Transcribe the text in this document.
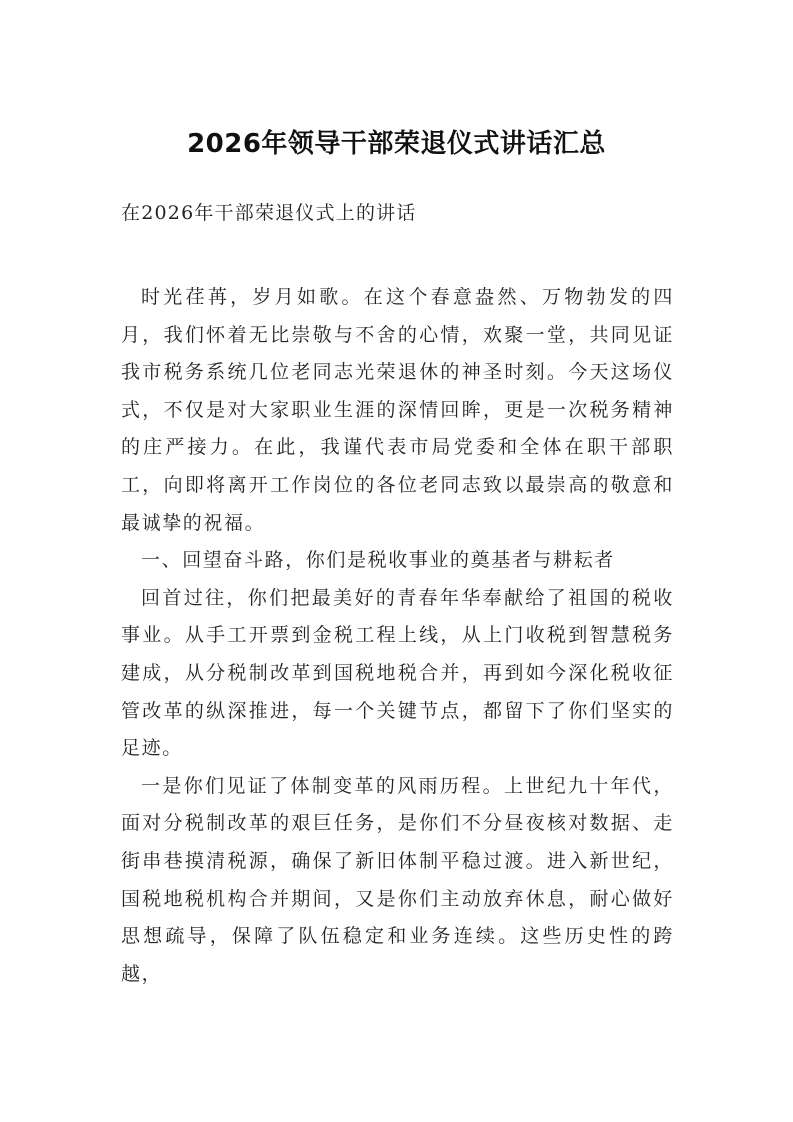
2026年领导干部荣退仪式讲话汇总
在2026年干部荣退仪式上的讲话

时光荏苒，岁月如歌。在这个春意盎然、万物勃发的四月，我们怀着无比崇敬与不舍的心情，欢聚一堂，共同见证我市税务系统几位老同志光荣退休的神圣时刻。今天这场仪式，不仅是对大家职业生涯的深情回眸，更是一次税务精神的庄严接力。在此，我谨代表市局党委和全体在职干部职工，向即将离开工作岗位的各位老同志致以最崇高的敬意和最诚挚的祝福。

一、回望奋斗路，你们是税收事业的奠基者与耕耘者

回首过往，你们把最美好的青春年华奉献给了祖国的税收事业。从手工开票到金税工程上线，从上门收税到智慧税务建成，从分税制改革到国税地税合并，再到如今深化税收征管改革的纵深推进，每一个关键节点，都留下了你们坚实的足迹。

一是你们见证了体制变革的风雨历程。上世纪九十年代，面对分税制改革的艰巨任务，是你们不分昼夜核对数据、走街串巷摸清税源，确保了新旧体制平稳过渡。进入新世纪，国税地税机构合并期间，又是你们主动放弃休息，耐心做好思想疏导，保障了队伍稳定和业务连续。这些历史性的跨越，
